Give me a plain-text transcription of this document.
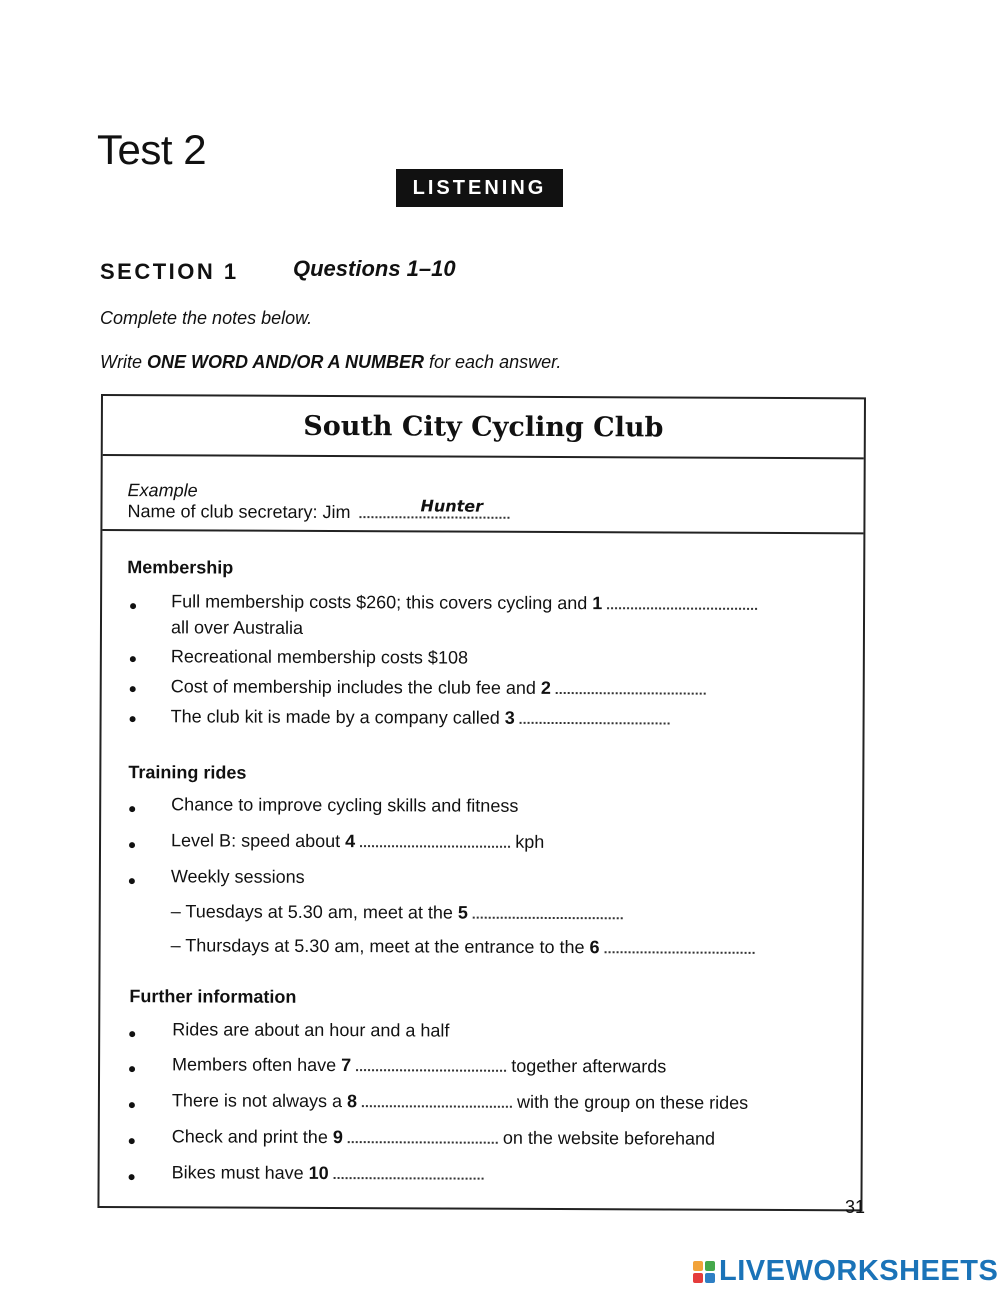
Test 2
LISTENING
SECTION 1 Questions 1–10
Complete the notes below.
Write ONE WORD AND/OR A NUMBER for each answer.
South City Cycling Club
Example
Name of club secretary: Jim	Hunter
Membership
Full membership costs $260; this covers cycling and 1
all over Australia
Recreational membership costs $108
Cost of membership includes the club fee and 2
The club kit is made by a company called 3
Training rides
Chance to improve cycling skills and fitness
Level B: speed about 4	kph
Weekly sessions
– Tuesdays at 5.30 am, meet at the 5
– Thursdays at 5.30 am, meet at the entrance to the 6
Further information
Rides are about an hour and a half
Members often have 7	together afterwards
There is not always a 8	with the group on these rides
Check and print the 9	on the website beforehand
Bikes must have 10
31
LIVEWORKSHEETS
